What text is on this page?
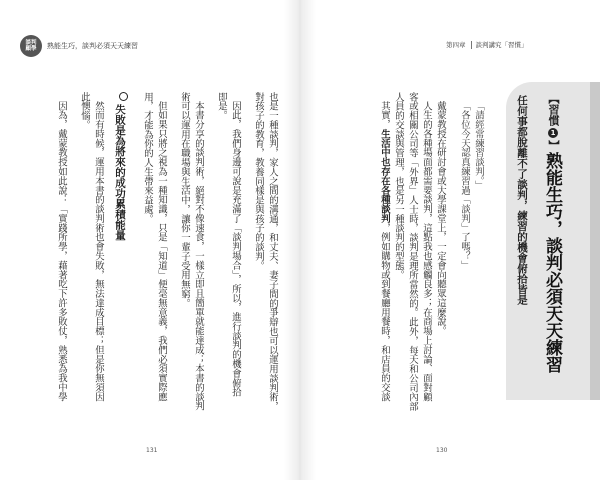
談判
顧學 熟能生巧，談判必須天天練習	第四章 談判講究「習慣」
【習慣1】
熟能生巧，談判必須天天練習
任何事都脫離不了談判，練習的機會俯拾皆是
「請經常練習談判。」
「各位今天認真練習過「談判」了嗎？」
戴蒙教授在研討會或大學課堂上，一定會向聽眾這麼說。
人生的各種場面都需要談判，這點我也感觸良多；在商場上討論、面對顧
客或相關公司等「外界」人士時，談判是理所當然的。此外，每天和公司內部
人員的交談與管理，也是另一種談判的型態。
其實，生活中也存在各種談判，例如購物或到餐廳用餐時，和店員的交談
也是一種談判，家人之間的溝通，和丈夫、妻子間的爭辯也可以運用談判術，
對孩子的教育，教養同樣是與孩子的談判。
因此，我們身邊可說是充滿了「談判場合」，所以，進行談判的機會俯拾
即是。
本書分享的談判術，絕對不像速食，一樣立即且簡單就能達成；本書的談判
術可以運用在職場與生活中，讓你一輩子受用無窮。
但如果只將之視為一種知識，只是「知道」便毫無意義，我們必須實際應
用，才能為你的人生帶來益處。
失敗是為將來的成功累積能量
然而有時候，運用本書的談判術也會失敗，無法達成目標；但是你無須因
此懊惱。
因為，戴蒙教授如此說：「實踐所學，藉著吃下許多敗仗，熟悉為我中學
131	130
